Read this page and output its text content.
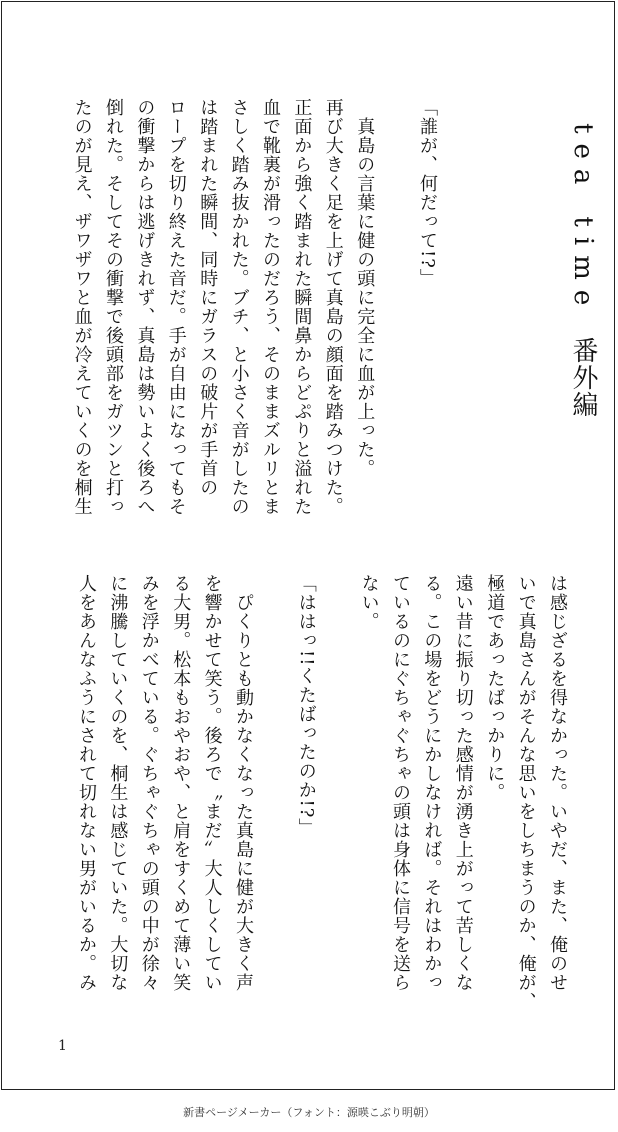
teatime番外編

「誰が、何だって!?」
　真島の言葉に健の頭に完全に血が上った。
再び大きく足を上げて真島の顔面を踏みつけた。
正面から強く踏まれた瞬間鼻からどぷりと溢れた
血で靴裏が滑ったのだろう、そのままズルリとま
さしく踏み抜かれた。ブチ、と小さく音がしたの
は踏まれた瞬間、同時にガラスの破片が手首の
ロープを切り終えた音だ。手が自由になってもそ
の衝撃からは逃げきれず、真島は勢いよく後ろへ
倒れた。そしてその衝撃で後頭部をガツンと打っ
たのが見え、ザワザワと血が冷えていくのを桐生
は感じざるを得なかった。いやだ、また、俺のせ
いで真島さんがそんな思いをしちまうのか、俺が、
極道であったばっかりに。
遠い昔に振り切った感情が湧き上がって苦しくな
る。この場をどうにかしなければ。それはわかっ
ているのにぐちゃぐちゃの頭は身体に信号を送ら
ない。
「ははっ!!くたばったのか!?」
　ぴくりとも動かなくなった真島に健が大きく声
を響かせて笑う。後ろで〝まだ〟大人しくしてい
る大男。松本もおやおや、と肩をすくめて薄い笑
みを浮かべている。ぐちゃぐちゃの頭の中が徐々
に沸騰していくのを、桐生は感じていた。大切な
人をあんなふうにされて切れない男がいるか。み
1
新書ページメーカー（フォント：源暎こぶり明朝）
